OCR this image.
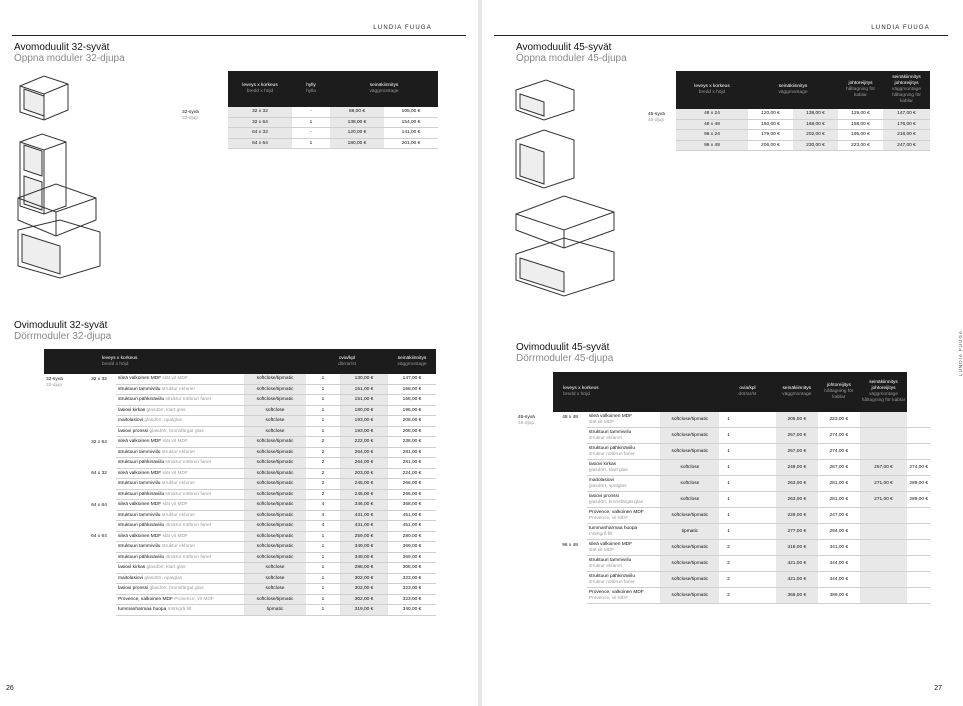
LUNDIA FUUGA
Avomoduulit 32-syvät
Öppna moduler 32-djupa
	leveys x korkeus
bredd x höjd	hylly
hylla	seinäkiinnitys
väggmontage	

32-syvä
32-djup	32 x 32	-	88,00 €	105,00 €
	32 x 64	1	138,00 €	154,00 €
	64 x 32	-	120,00 €	141,00 €
	64 x 64	1	180,00 €	201,00 €
Ovimoduulit 32-syvät
Dörrmoduler 32-djupa
	leveys x korkeus
bredd x höjd			ovia/kpl
dörrar/st		seinäkiinnitys
väggmontage

32-syvä
32-djup	32 x 32	sileä valkoinen MDF slät vit MDF	softclose/tipmatic	1	130,00 €	147,00 €
		struktuuri tammiviilu struktur ekfaner	softclose/tipmatic	1	151,00 €	168,00 €
		struktuuri pähkinäviilu struktur nötbrun faner	softclose/tipmatic	1	151,00 €	168,00 €
		lasiovi kirkas glasdörr, klart glas	softclose	1	180,00 €	196,00 €
		maitolasiovi glasdörr, opalglas	softclose	1	193,00 €	208,00 €
		lasiovi pronssi glasdörr, bronsfärgat glas	softclose	1	193,00 €	208,00 €
	32 x 64	sileä valkoinen MDF slät vit MDF	softclose/tipmatic	2	222,00 €	238,00 €
		struktuuri tammiviilu struktur ekfaner	softclose/tipmatic	2	264,00 €	281,00 €
		struktuuri pähkinäviilu struktur nötbrun faner	softclose/tipmatic	2	264,00 €	281,00 €
	64 x 32	sileä valkoinen MDF slät vit MDF	softclose/tipmatic	2	203,00 €	224,00 €
		struktuuri tammiviilu struktur ekfaner	softclose/tipmatic	2	245,00 €	266,00 €
		struktuuri pähkinäviilu struktur nötbrun faner	softclose/tipmatic	2	245,00 €	266,00 €
	64 x 64	sileä valkoinen MDF slät vit MDF	softclose/tipmatic	4	346,00 €	368,00 €
		struktuuri tammiviilu struktur ekfaner	softclose/tipmatic	4	431,00 €	451,00 €
		struktuuri pähkinäviilu struktur nötbrun faner	softclose/tipmatic	4	431,00 €	451,00 €
	64 x 64	sileä valkoinen MDF slät vit MDF	softclose/tipmatic	1	259,00 €	280,00 €
		struktuuri tammiviilu struktur ekfaner	softclose/tipmatic	1	349,00 €	369,00 €
		struktuuri pähkinäviilu struktur nötbrun faner	softclose/tipmatic	1	349,00 €	369,00 €
		lasiovi kirkas glasdörr, klart glas	softclose	1	288,00 €	308,00 €
		maitolasiovi glasdörr, opalglas	softclose	1	302,00 €	323,00 €
		lasiovi pronssi glasdörr, bronsfärgat glas	softclose	1	302,00 €	323,00 €
		Provence, valkoinen MDF Provence, vit MDF	softclose/tipmatic	1	302,00 €	323,00 €
		tummanharmaa huopa mörkgrå filt	tipmatic	1	319,00 €	340,00 €
26
LUNDIA FUUGA
Avomoduulit 45-syvät
Öppna moduler 45-djupa
	leveys x korkeus
bredd x höjd	seinäkiinnitys
väggmontage		johtoreijitys
håltagning för kablar	seinäkiinnitys johtoreijitys
väggmontage håltagning för kablar

45-syvä
45-djup	48 x 24	120,00 €	138,00 €	129,00 €	147,00 €
	48 x 48	150,00 €	168,00 €	158,00 €	176,00 €
	96 x 24	179,00 €	202,00 €	195,00 €	218,00 €
	96 x 48	206,00 €	230,00 €	223,00 €	247,00 €
Ovimoduulit 45-syvät
Dörrmoduler 45-djupa
	leveys x korkeus
bredd x höjd			ovia/kpl
dörrar/st		seinäkiinnitys
väggmontage	johtoreijitys
håltagning för kablar	seinäkiinnitys johtoreijitys
väggmontage håltagning för kablar	

45-syvä
45-djup	48 x 48	sileä valkoinen MDF
slät vit MDF	softclose/tipmatic	1		205,00 €	223,00 €		
		struktuuri tammiviilu
struktur ekfaner	softclose/tipmatic	1		257,00 €	274,00 €		
		struktuuri pähkinäviilu
struktur nötbrun faner	softclose/tipmatic	1		257,00 €	274,00 €		
		lasiovi kirkas
glasdörr, klart glas	softclose	1		249,00 €	267,00 €	257,00 €	274,00 €
		maitolasiovi
glasdörr, opalglas	softclose	1		263,00 €	281,00 €	271,00 €	289,00 €
		lasiovi pronssi
glasdörr, bronsfärgat glas	softclose	1		263,00 €	281,00 €	271,00 €	289,00 €
		Provence, valkoinen MDF
Provence, vit MDF	softclose/tipmatic	1		228,00 €	247,00 €		
		tummanharmaa huopa
mörkgrå filt	tipmatic	1		277,00 €	294,00 €		
	96 x 48	sileä valkoinen MDF
slät vit MDF	softclose/tipmatic	2		318,00 €	341,00 €		
		struktuuri tammiviilu
struktur ekfaner	softclose/tipmatic	2		421,00 €	444,00 €		
		struktuuri pähkinäviilu
struktur nötbrun faner	softclose/tipmatic	2		421,00 €	444,00 €		
		Provence, valkoinen MDF
Provence, vit MDF	softclose/tipmatic	2		366,00 €	389,00 €		
LUNDIA FUUGA
27
